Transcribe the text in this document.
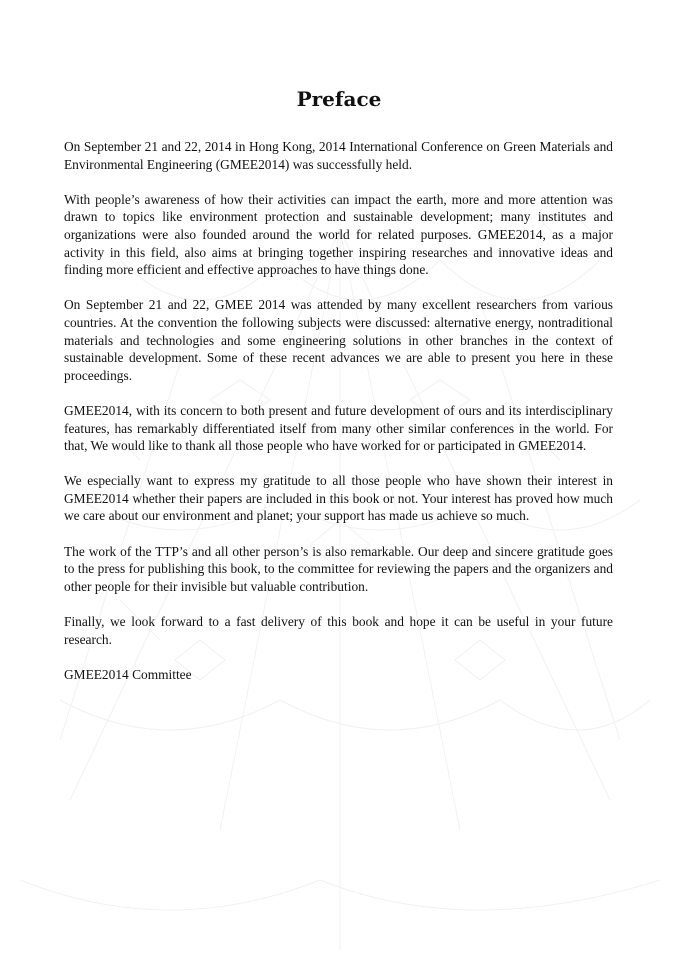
Preface

On September 21 and 22, 2014 in Hong Kong, 2014 International Conference on Green Materials and Environmental Engineering (GMEE2014) was successfully held.

With people’s awareness of how their activities can impact the earth, more and more attention was drawn to topics like environment protection and sustainable development; many institutes and organizations were also founded around the world for related purposes. GMEE2014, as a major activity in this field, also aims at bringing together inspiring researches and innovative ideas and finding more efficient and effective approaches to have things done.

On September 21 and 22, GMEE 2014 was attended by many excellent researchers from various countries. At the convention the following subjects were discussed: alternative energy, nontraditional materials and technologies and some engineering solutions in other branches in the context of sustainable development. Some of these recent advances we are able to present you here in these proceedings.

GMEE2014, with its concern to both present and future development of ours and its interdisciplinary features, has remarkably differentiated itself from many other similar conferences in the world. For that, We would like to thank all those people who have worked for or participated in GMEE2014.

We especially want to express my gratitude to all those people who have shown their interest in GMEE2014 whether their papers are included in this book or not. Your interest has proved how much we care about our environment and planet; your support has made us achieve so much.

The work of the TTP’s and all other person’s is also remarkable. Our deep and sincere gratitude goes to the press for publishing this book, to the committee for reviewing the papers and the organizers and other people for their invisible but valuable contribution.

Finally, we look forward to a fast delivery of this book and hope it can be useful in your future research.

GMEE2014 Committee
